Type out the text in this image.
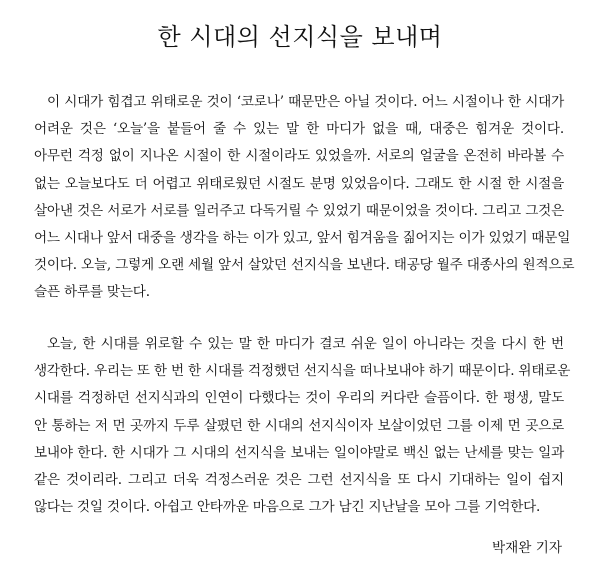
한 시대의 선지식을 보내며
이 시대가 힘겹고 위태로운 것이 ‘코로나’ 때문만은 아닐 것이다. 어느 시절이나 한 시대가
어려운 것은 ‘오늘’을 붙들어 줄 수 있는 말 한 마디가 없을 때, 대중은 힘겨운 것이다.
아무런 걱정 없이 지나온 시절이 한 시절이라도 있었을까. 서로의 얼굴을 온전히 바라볼 수
없는 오늘보다도 더 어렵고 위태로웠던 시절도 분명 있었음이다. 그래도 한 시절 한 시절을
살아낸 것은 서로가 서로를 일러주고 다독거릴 수 있었기 때문이었을 것이다. 그리고 그것은
어느 시대나 앞서 대중을 생각을 하는 이가 있고, 앞서 힘겨움을 짊어지는 이가 있었기 때문일
것이다. 오늘, 그렇게 오랜 세월 앞서 살았던 선지식을 보낸다. 태공당 월주 대종사의 원적으로
슬픈 하루를 맞는다.
오늘, 한 시대를 위로할 수 있는 말 한 마디가 결코 쉬운 일이 아니라는 것을 다시 한 번
생각한다. 우리는 또 한 번 한 시대를 걱정했던 선지식을 떠나보내야 하기 때문이다. 위태로운
시대를 걱정하던 선지식과의 인연이 다했다는 것이 우리의 커다란 슬픔이다. 한 평생, 말도
안 통하는 저 먼 곳까지 두루 살폈던 한 시대의 선지식이자 보살이었던 그를 이제 먼 곳으로
보내야 한다. 한 시대가 그 시대의 선지식을 보내는 일이야말로 백신 없는 난세를 맞는 일과
같은 것이리라. 그리고 더욱 걱정스러운 것은 그런 선지식을 또 다시 기대하는 일이 쉽지
않다는 것일 것이다. 아쉽고 안타까운 마음으로 그가 남긴 지난날을 모아 그를 기억한다.

박재완 기자
